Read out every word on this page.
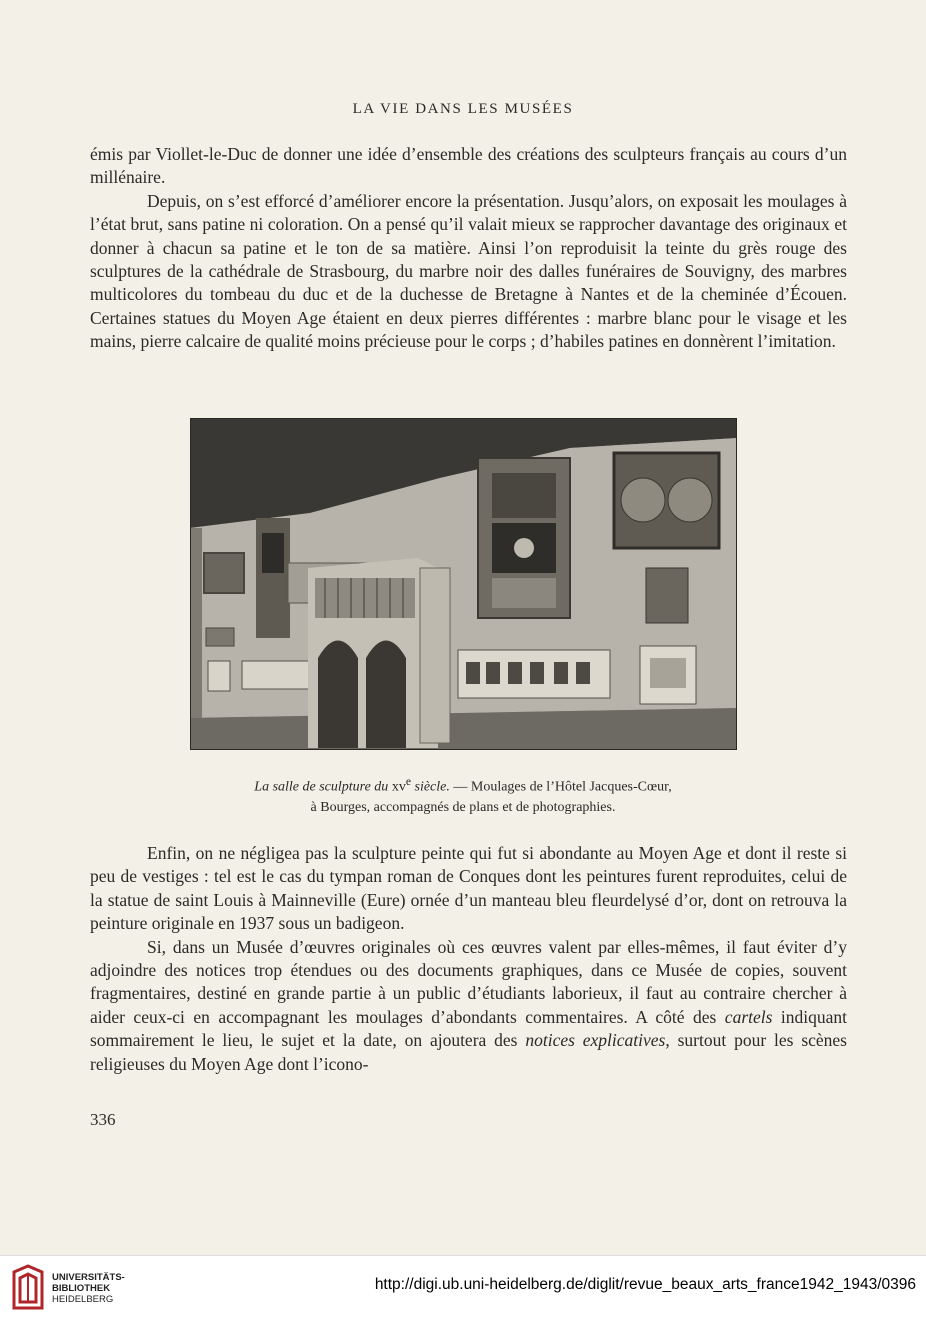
LA VIE DANS LES MUSÉES

émis par Viollet-le-Duc de donner une idée d’ensemble des créations des sculpteurs français au cours d’un millénaire.

Depuis, on s’est efforcé d’améliorer encore la présentation. Jusqu’alors, on exposait les moulages à l’état brut, sans patine ni coloration. On a pensé qu’il valait mieux se rapprocher davantage des originaux et donner à chacun sa patine et le ton de sa matière. Ainsi l’on reproduisit la teinte du grès rouge des sculptures de la cathédrale de Strasbourg, du marbre noir des dalles funéraires de Souvigny, des marbres multicolores du tombeau du duc et de la duchesse de Bretagne à Nantes et de la cheminée d’Écouen. Certaines statues du Moyen Age étaient en deux pierres différentes : marbre blanc pour le visage et les mains, pierre calcaire de qualité moins précieuse pour le corps ; d’habiles patines en donnèrent l’imitation.

La salle de sculpture du $xv^e$ siècle. — Moulages de l’Hôtel Jacques-Cœur,
à Bourges, accompagnés de plans et de photographies.

Enfin, on ne négligea pas la sculpture peinte qui fut si abondante au Moyen Age et dont il reste si peu de vestiges : tel est le cas du tympan roman de Conques dont les peintures furent reproduites, celui de la statue de saint Louis à Mainneville (Eure) ornée d’un manteau bleu fleurdelysé d’or, dont on retrouva la peinture originale en 1937 sous un badigeon.

Si, dans un Musée d’œuvres originales où ces œuvres valent par elles-mêmes, il faut éviter d’y adjoindre des notices trop étendues ou des documents graphiques, dans ce Musée de copies, souvent fragmentaires, destiné en grande partie à un public d’étudiants laborieux, il faut au contraire chercher à aider ceux-ci en accompagnant les moulages d’abondants commentaires. A côté des cartels indiquant sommairement le lieu, le sujet et la date, on ajoutera des notices explicatives, surtout pour les scènes religieuses du Moyen Age dont l’icono-

336
UNIVERSITÄTS-
BIBLIOTHEK
HEIDELBERG
http://digi.ub.uni-heidelberg.de/diglit/revue_beaux_arts_france1942_1943/0396
